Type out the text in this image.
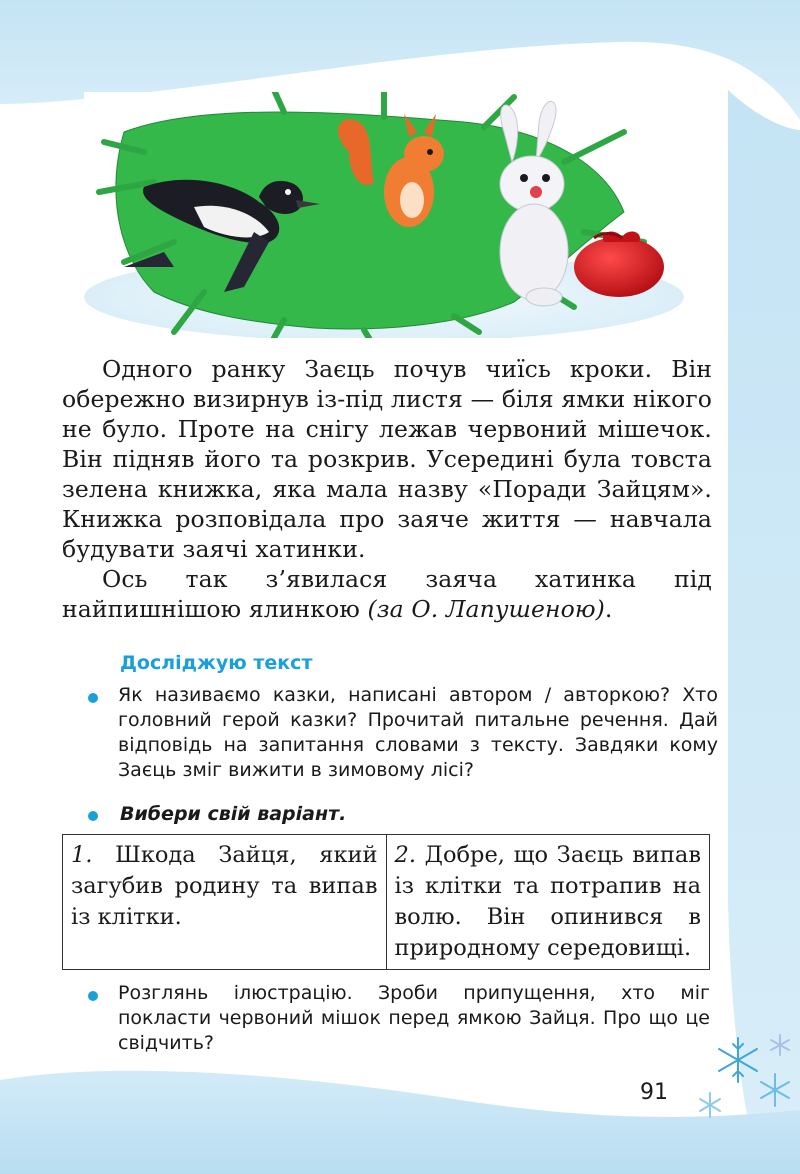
Одного ранку Заєць почув чиїсь кроки. Він обережно визирнув із-під листя — біля ямки нікого не було. Проте на снігу лежав червоний мішечок. Він підняв його та розкрив. Усередині була товста зелена книжка, яка мала назву «Поради Зайцям». Книжка розповідала про заяче життя — навчала будувати заячі хатинки.

Ось так з’явилася заяча хатинка під найпишнішою ялинкою (за О. Лапушеною).

Досліджую текст
Як називаємо казки, написані автором / авторкою? Хто головний герой казки? Прочитай питальне речення. Дай відповідь на запитання словами з тексту. Завдяки кому Заєць зміг вижити в зимовому лісі?
Вибери свій варіант.
1. Шкода Зайця, який загубив родину та випав із клітки.	2. Добре, що Заєць випав із клітки та потрапив на волю. Він опинився в природному середовищі.
Розглянь ілюстрацію. Зроби припущення, хто міг покласти червоний мішок перед ямкою Зайця. Про що це свідчить?
91
